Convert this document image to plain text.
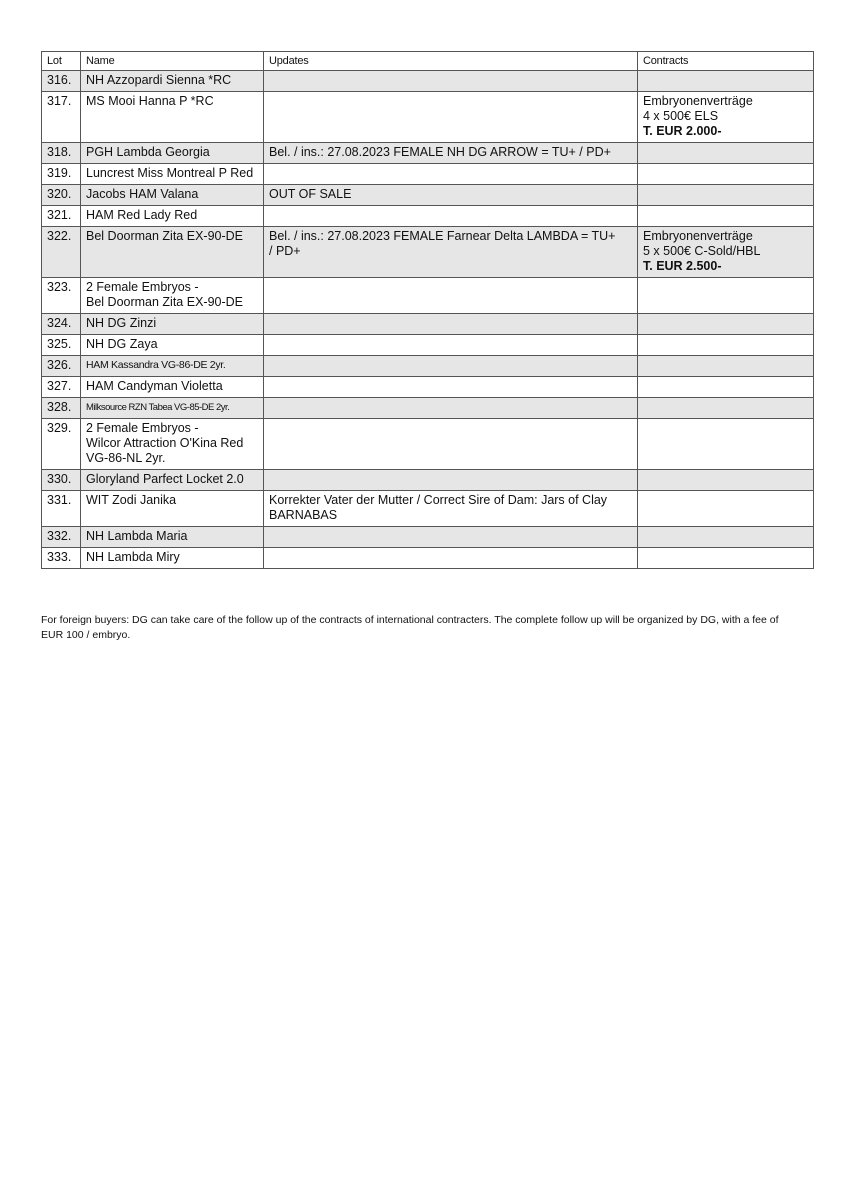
Lot	Name	Updates	Contracts
316.	NH Azzopardi Sienna *RC		
317.	MS Mooi Hanna P *RC		Embryonenverträge
4 x 500€ ELS
T. EUR 2.000-

318.	PGH Lambda Georgia	Bel. / ins.: 27.08.2023 FEMALE NH DG ARROW = TU+ / PD+	
319.	Luncrest Miss Montreal P Red		
320.	Jacobs HAM Valana	OUT OF SALE	
321.	HAM Red Lady Red		
322.	Bel Doorman Zita EX-90-DE	Bel. / ins.: 27.08.2023 FEMALE Farnear Delta LAMBDA = TU+
/ PD+	Embryonenverträge
5 x 500€ C-Sold/HBL
T. EUR 2.500-

323.	2 Female Embryos -
Bel Doorman Zita EX-90-DE		
324.	NH DG Zinzi		
325.	NH DG Zaya		
326.	HAM Kassandra VG-86-DE 2yr.		
327.	HAM Candyman Violetta		
328.	Milksource RZN Tabea VG-85-DE 2yr.		
329.	2 Female Embryos -
Wilcor Attraction O'Kina Red
VG-86-NL 2yr.		
330.	Gloryland Parfect Locket 2.0		
331.	WIT Zodi Janika	Korrekter Vater der Mutter / Correct Sire of Dam: Jars of Clay
BARNABAS	
332.	NH Lambda Maria		
333.	NH Lambda Miry		
For foreign buyers: DG can take care of the follow up of the contracts of international contracters. The complete follow up will be organized by DG, with a fee of EUR 100 / embryo.
